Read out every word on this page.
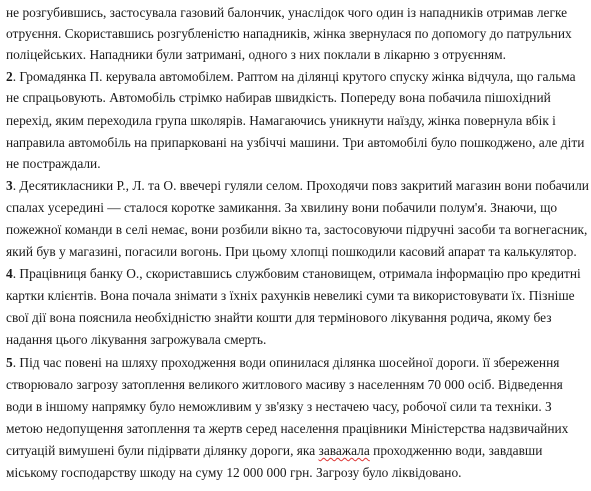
не розгубившись, застосувала газовий балончик, унаслідок чого один із нападників отримав легке
отруєння. Скориставшись розгубленістю нападників, жінка звернулася по допомогу до патрульних
поліцейських. Нападники були затримані, одного з них поклали в лікарню з отруєнням.
2. Громадянка П. керувала автомобілем. Раптом на ділянці крутого спуску жінка відчула, що гальма
не спрацьовують. Автомобіль стрімко набирав швидкість. Попереду вона побачила пішохідний
перехід, яким переходила група школярів. Намагаючись уникнути наїзду, жінка повернула вбік і
направила автомобіль на припарковані на узбіччі машини. Три автомобілі було пошкоджено, але діти
не постраждали.
3. Десятикласники Р., Л. та О. ввечері гуляли селом. Проходячи повз закритий магазин вони побачили
спалах усередині — сталося коротке замикання. За хвилину вони побачили полум'я. Знаючи, що
пожежної команди в селі немає, вони розбили вікно та, застосовуючи підручні засоби та вогнегасник,
який був у магазині, погасили вогонь. При цьому хлопці пошкодили касовий апарат та калькулятор.
4. Працівниця банку О., скориставшись службовим становищем, отримала інформацію про кредитні
картки клієнтів. Вона почала знімати з їхніх рахунків невеликі суми та використовувати їх. Пізніше
свої дії вона пояснила необхідністю знайти кошти для термінового лікування родича, якому без
надання цього лікування загрожувала смерть.
5. Під час повені на шляху проходження води опинилася ділянка шосейної дороги. її збереження
створювало загрозу затоплення великого житлового масиву з населенням 70 000 осіб. Відведення
води в іншому напрямку було неможливим у зв'язку з нестачею часу, робочої сили та техніки. З
метою недопущення затоплення та жертв серед населення працівники Міністерства надзвичайних
ситуацій вимушені були підірвати ділянку дороги, яка заважала проходженню води, завдавши
міському господарству шкоду на суму 12 000 000 грн. Загрозу було ліквідовано.
